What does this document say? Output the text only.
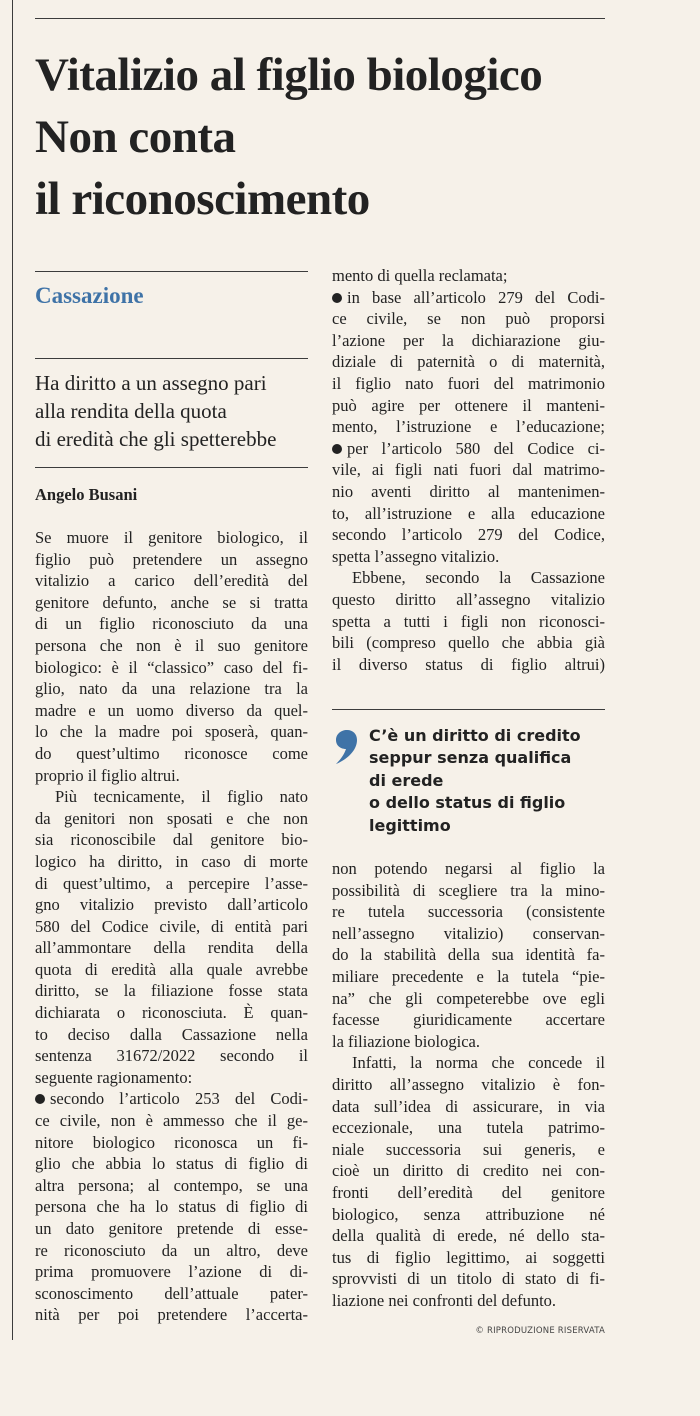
Vitalizio al figlio biologico
Non conta
il riconoscimento

Cassazione

Ha diritto a un assegno pari
alla rendita della quota
di eredità che gli spetterebbe

Angelo Busani

Se muore il genitore biologico, il
figlio può pretendere un assegno
vitalizio a carico dell’eredità del
genitore defunto, anche se si tratta
di un figlio riconosciuto da una
persona che non è il suo genitore
biologico: è il “classico” caso del fi-
glio, nato da una relazione tra la
madre e un uomo diverso da quel-
lo che la madre poi sposerà, quan-
do quest’ultimo riconosce come
proprio il figlio altrui.
Più tecnicamente, il figlio nato
da genitori non sposati e che non
sia riconoscibile dal genitore bio-
logico ha diritto, in caso di morte
di quest’ultimo, a percepire l’asse-
gno vitalizio previsto dall’articolo
580 del Codice civile, di entità pari
all’ammontare della rendita della
quota di eredità alla quale avrebbe
diritto, se la filiazione fosse stata
dichiarata o riconosciuta. È quan-
to deciso dalla Cassazione nella
sentenza 31672/2022 secondo il
seguente ragionamento:
secondo l’articolo 253 del Codi-
ce civile, non è ammesso che il ge-
nitore biologico riconosca un fi-
glio che abbia lo status di figlio di
altra persona; al contempo, se una
persona che ha lo status di figlio di
un dato genitore pretende di esse-
re riconosciuto da un altro, deve
prima promuovere l’azione di di-
sconoscimento dell’attuale pater-
nità per poi pretendere l’accerta-
mento di quella reclamata;
in base all’articolo 279 del Codi-
ce civile, se non può proporsi
l’azione per la dichiarazione giu-
diziale di paternità o di maternità,
il figlio nato fuori del matrimonio
può agire per ottenere il manteni-
mento, l’istruzione e l’educazione;
per l’articolo 580 del Codice ci-
vile, ai figli nati fuori dal matrimo-
nio aventi diritto al mantenimen-
to, all’istruzione e alla educazione
secondo l’articolo 279 del Codice,
spetta l’assegno vitalizio.
Ebbene, secondo la Cassazione
questo diritto all’assegno vitalizio
spetta a tutti i figli non riconosci-
bili (compreso quello che abbia già
il diverso status di figlio altrui)

C’è un diritto di credito
seppur senza qualifica
di erede
o dello status di figlio
legittimo

non potendo negarsi al figlio la
possibilità di scegliere tra la mino-
re tutela successoria (consistente
nell’assegno vitalizio) conservan-
do la stabilità della sua identità fa-
miliare precedente e la tutela “pie-
na” che gli competerebbe ove egli
facesse giuridicamente accertare
la filiazione biologica.
Infatti, la norma che concede il
diritto all’assegno vitalizio è fon-
data sull’idea di assicurare, in via
eccezionale, una tutela patrimo-
niale successoria sui generis, e
cioè un diritto di credito nei con-
fronti dell’eredità del genitore
biologico, senza attribuzione né
della qualità di erede, né dello sta-
tus di figlio legittimo, ai soggetti
sprovvisti di un titolo di stato di fi-
liazione nei confronti del defunto.

© RIPRODUZIONE RISERVATA
